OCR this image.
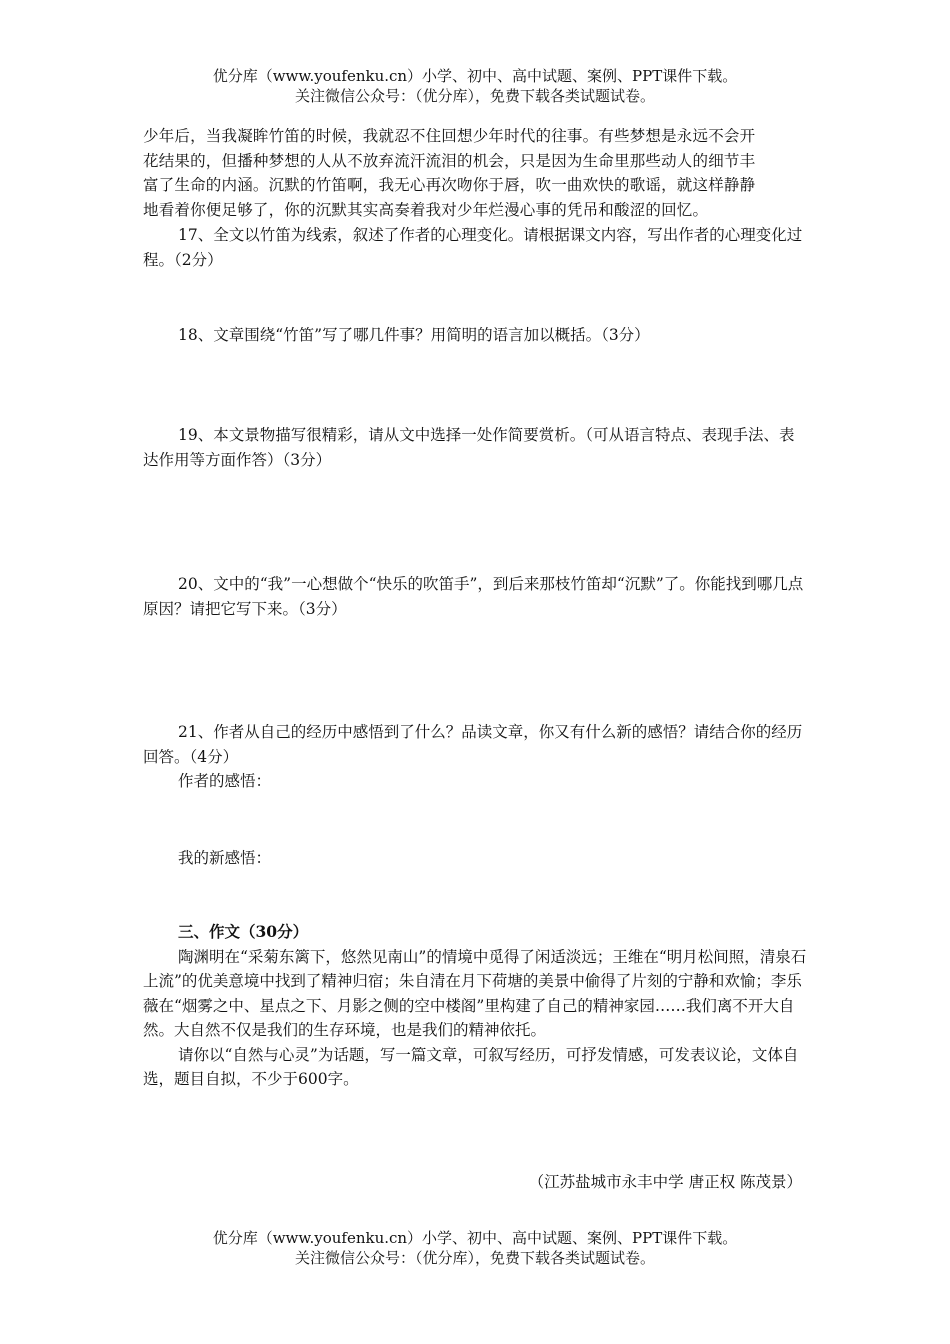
优分库（www.youfenku.cn）小学、初中、高中试题、案例、PPT课件下载。
关注微信公众号：（优分库），免费下载各类试题试卷。

少年后，当我凝眸竹笛的时候，我就忍不住回想少年时代的往事。有些梦想是永远不会开

花结果的，但播种梦想的人从不放弃流汗流泪的机会，只是因为生命里那些动人的细节丰

富了生命的内涵。沉默的竹笛啊，我无心再次吻你于唇，吹一曲欢快的歌谣，就这样静静

地看着你便足够了，你的沉默其实高奏着我对少年烂漫心事的凭吊和酸涩的回忆。

17、全文以竹笛为线索，叙述了作者的心理变化。请根据课文内容，写出作者的心理变化过程。（2分）

18、文章围绕“竹笛”写了哪几件事？用简明的语言加以概括。（3分）

19、本文景物描写很精彩，请从文中选择一处作简要赏析。（可从语言特点、表现手法、表达作用等方面作答）（3分）

20、文中的“我”一心想做个“快乐的吹笛手”，到后来那枝竹笛却“沉默”了。你能找到哪几点原因？请把它写下来。（3分）

21、作者从自己的经历中感悟到了什么？品读文章，你又有什么新的感悟？请结合你的经历回答。（4分）

作者的感悟：

我的新感悟：

三、作文（30分）

陶渊明在“采菊东篱下，悠然见南山”的情境中觅得了闲适淡远；王维在“明月松间照，清泉石上流”的优美意境中找到了精神归宿；朱自清在月下荷塘的美景中偷得了片刻的宁静和欢愉；李乐薇在“烟雾之中、星点之下、月影之侧的空中楼阁”里构建了自己的精神家园……我们离不开大自然。大自然不仅是我们的生存环境，也是我们的精神依托。

请你以“自然与心灵”为话题，写一篇文章，可叙写经历，可抒发情感，可发表议论，文体自选，题目自拟，不少于600字。

（江苏盐城市永丰中学 唐正权 陈茂景）
优分库（www.youfenku.cn）小学、初中、高中试题、案例、PPT课件下载。
关注微信公众号：（优分库），免费下载各类试题试卷。
